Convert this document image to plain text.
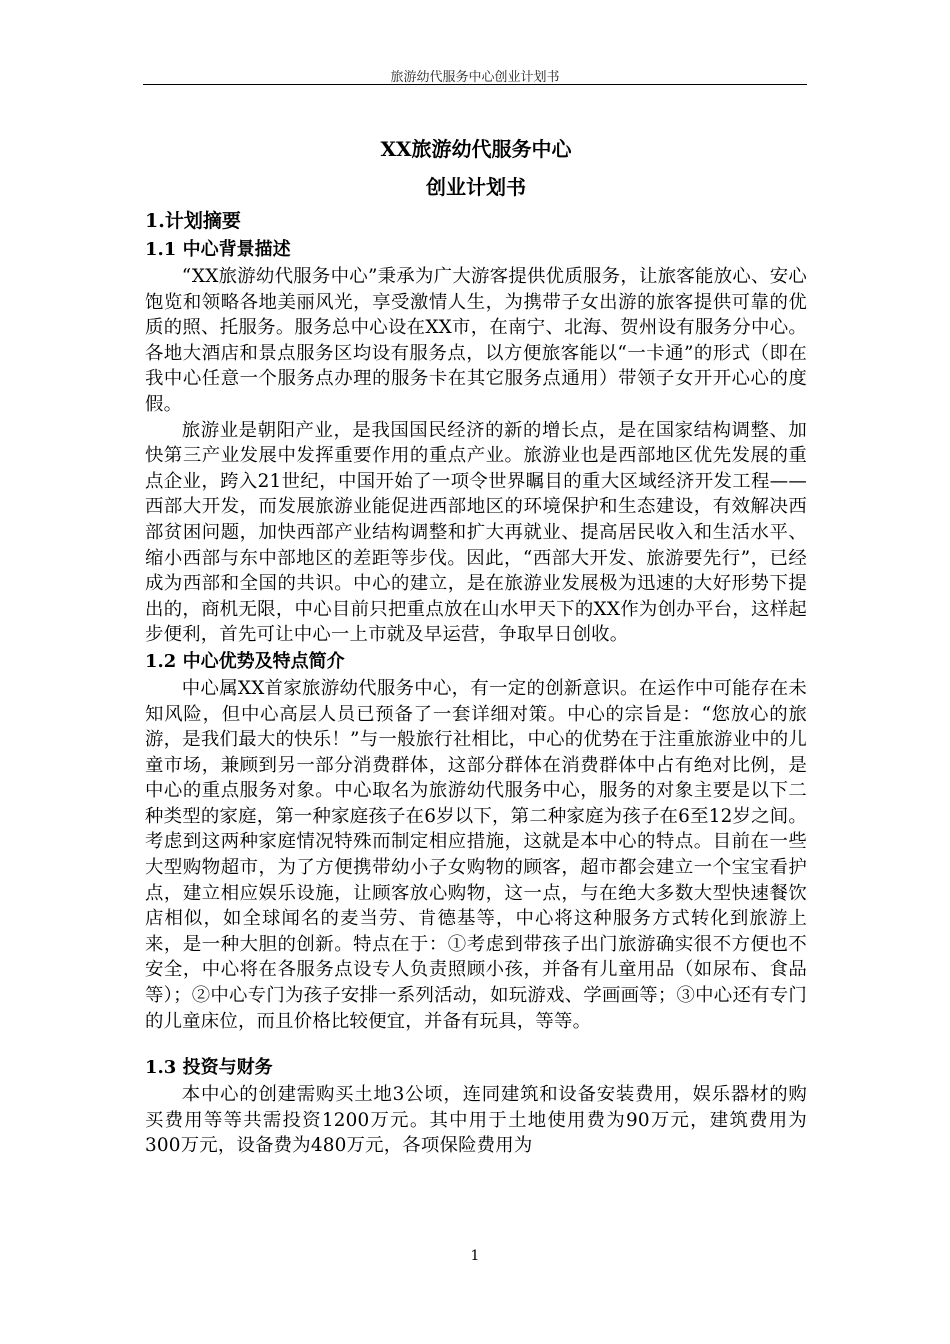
旅游幼代服务中心创业计划书
XX旅游幼代服务中心
创业计划书
1.计划摘要
1.1 中心背景描述

“XX旅游幼代服务中心”秉承为广大游客提供优质服务，让旅客能放心、安心饱览和领略各地美丽风光，享受激情人生，为携带子女出游的旅客提供可靠的优质的照、托服务。服务总中心设在XX市，在南宁、北海、贺州设有服务分中心。各地大酒店和景点服务区均设有服务点，以方便旅客能以“一卡通”的形式（即在我中心任意一个服务点办理的服务卡在其它服务点通用）带领子女开开心心的度假。

旅游业是朝阳产业，是我国国民经济的新的增长点，是在国家结构调整、加快第三产业发展中发挥重要作用的重点产业。旅游业也是西部地区优先发展的重点企业，跨入21世纪，中国开始了一项令世界瞩目的重大区域经济开发工程——西部大开发，而发展旅游业能促进西部地区的环境保护和生态建设，有效解决西部贫困问题，加快西部产业结构调整和扩大再就业、提高居民收入和生活水平、缩小西部与东中部地区的差距等步伐。因此，“西部大开发、旅游要先行”，已经成为西部和全国的共识。中心的建立，是在旅游业发展极为迅速的大好形势下提出的，商机无限，中心目前只把重点放在山水甲天下的XX作为创办平台，这样起步便利，首先可让中心一上市就及早运营，争取早日创收。

1.2 中心优势及特点简介

中心属XX首家旅游幼代服务中心，有一定的创新意识。在运作中可能存在未知风险，但中心高层人员已预备了一套详细对策。中心的宗旨是：“您放心的旅游，是我们最大的快乐！”与一般旅行社相比，中心的优势在于注重旅游业中的儿童市场，兼顾到另一部分消费群体，这部分群体在消费群体中占有绝对比例，是中心的重点服务对象。中心取名为旅游幼代服务中心，服务的对象主要是以下二种类型的家庭，第一种家庭孩子在6岁以下，第二种家庭为孩子在6至12岁之间。考虑到这两种家庭情况特殊而制定相应措施，这就是本中心的特点。目前在一些大型购物超市，为了方便携带幼小子女购物的顾客，超市都会建立一个宝宝看护点，建立相应娱乐设施，让顾客放心购物，这一点，与在绝大多数大型快速餐饮店相似，如全球闻名的麦当劳、肯德基等，中心将这种服务方式转化到旅游上来，是一种大胆的创新。特点在于：①考虑到带孩子出门旅游确实很不方便也不安全，中心将在各服务点设专人负责照顾小孩，并备有儿童用品（如尿布、食品等）；②中心专门为孩子安排一系列活动，如玩游戏、学画画等；③中心还有专门的儿童床位，而且价格比较便宜，并备有玩具，等等。

1.3 投资与财务

本中心的创建需购买土地3公顷，连同建筑和设备安装费用，娱乐器材的购买费用等等共需投资1200万元。其中用于土地使用费为90万元，建筑费用为300万元，设备费为480万元，各项保险费用为

1
